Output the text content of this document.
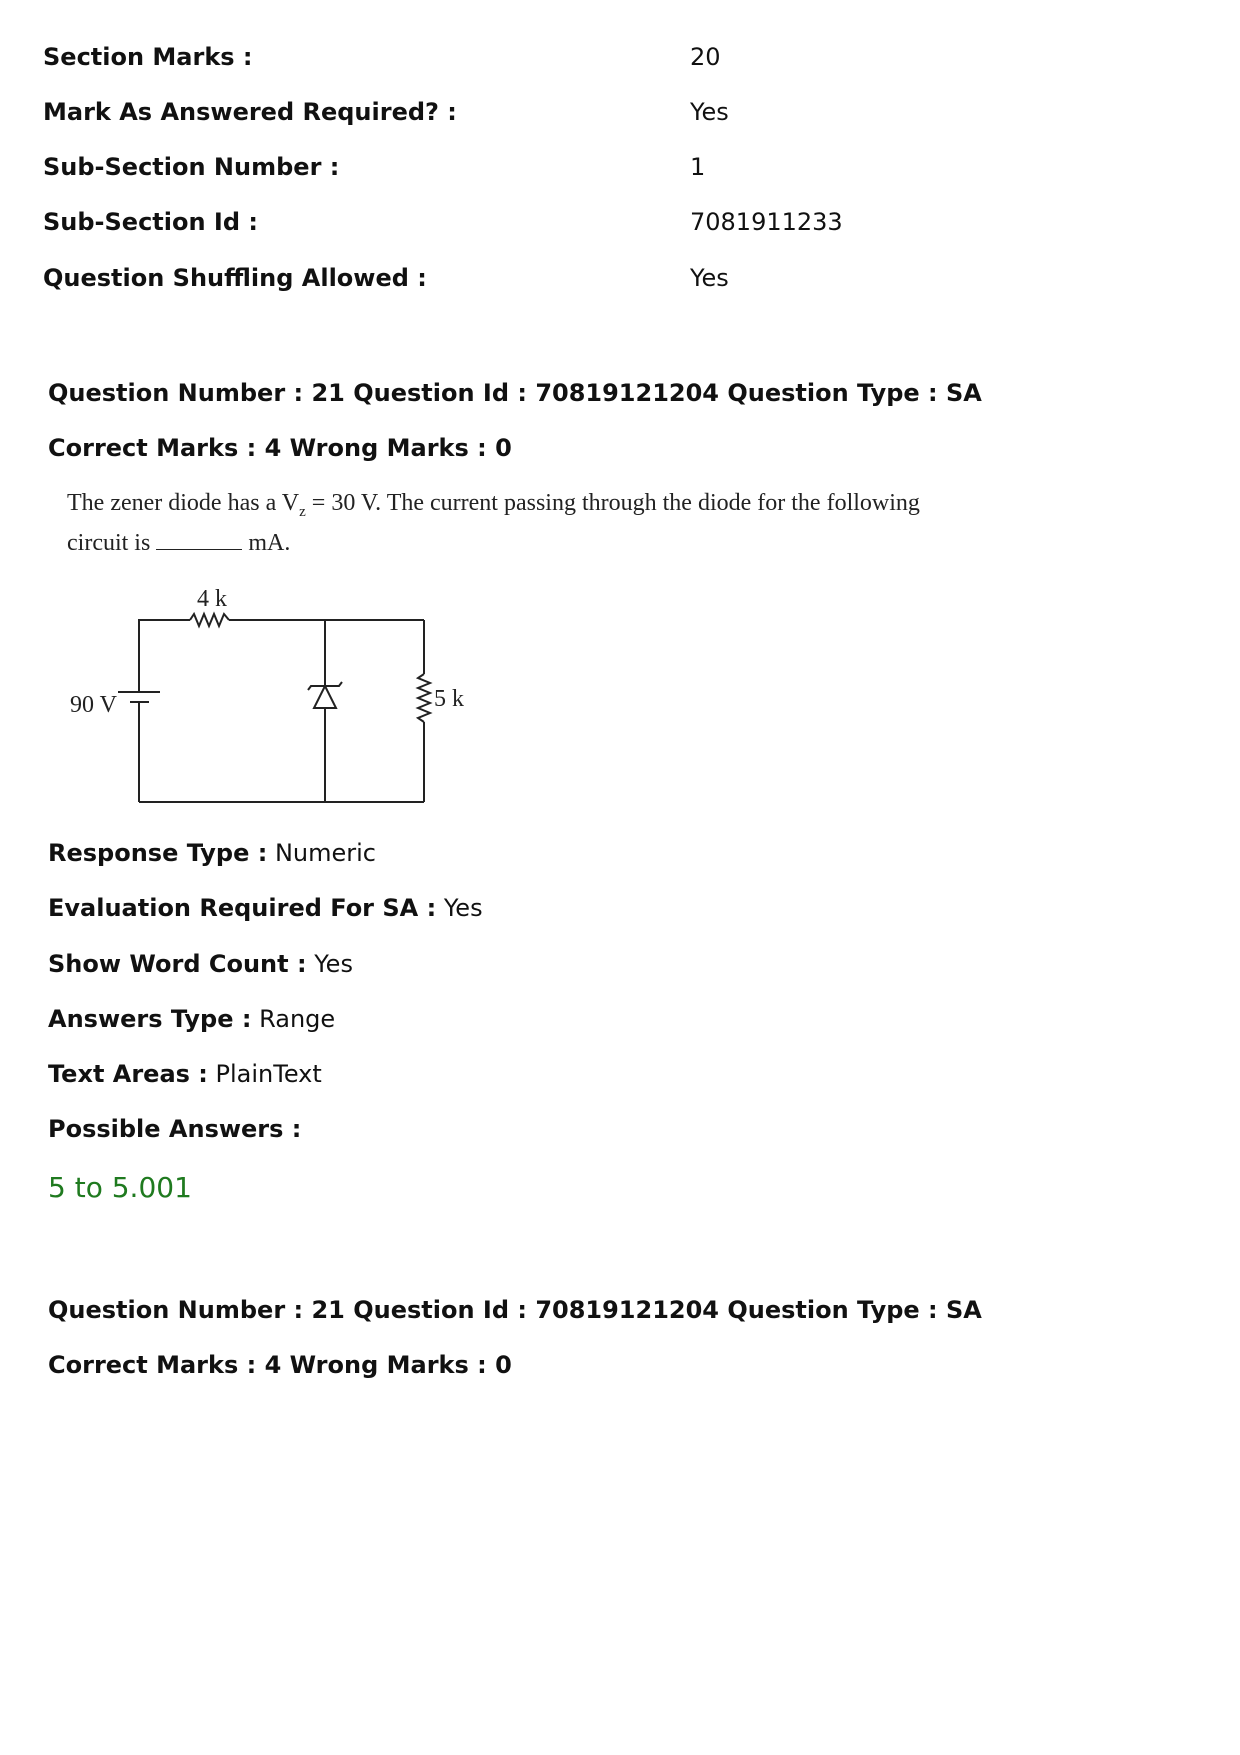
Section Marks :	20
Mark As Answered Required? :	Yes
Sub-Section Number :	1
Sub-Section Id :	7081911233
Question Shuffling Allowed :	Yes
Question Number : 21 Question Id : 70819121204 Question Type : SA
Correct Marks : 4 Wrong Marks : 0
The zener diode has a $V_z = 30$ V. The current passing through the diode for the following circuit is	mA.
4 k
5 k
90 V
Response Type : Numeric
Evaluation Required For SA : Yes
Show Word Count : Yes
Answers Type : Range
Text Areas : PlainText
Possible Answers :
5 to 5.001
Question Number : 21 Question Id : 70819121204 Question Type : SA
Correct Marks : 4 Wrong Marks : 0
